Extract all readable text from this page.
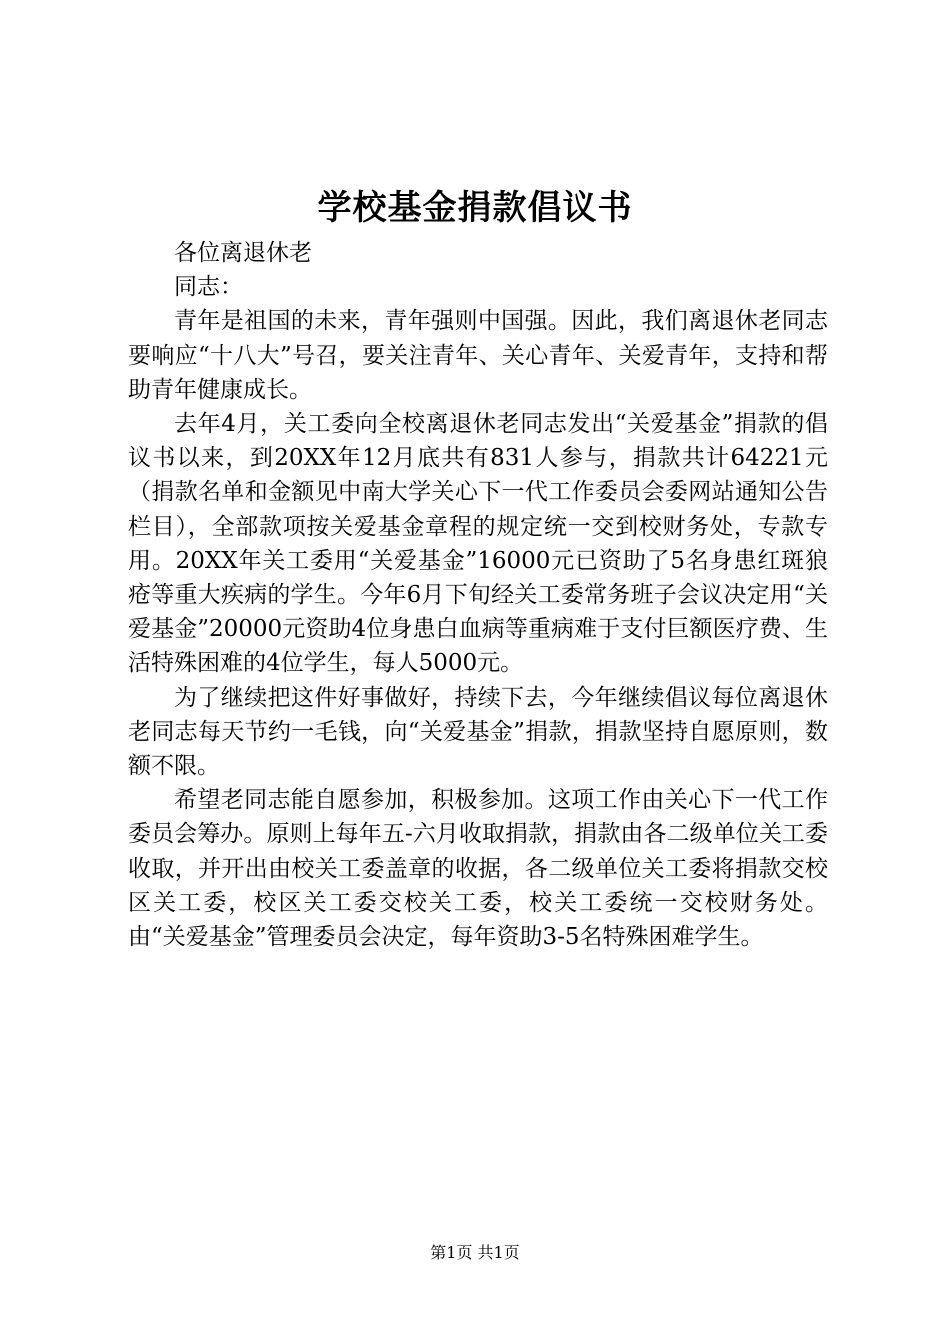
学校基金捐款倡议书

各位离退休老

同志：

青年是祖国的未来，青年强则中国强。因此，我们离退休老同志要响应“十八大”号召，要关注青年、关心青年、关爱青年，支持和帮助青年健康成长。

去年4月，关工委向全校离退休老同志发出“关爱基金”捐款的倡议书以来，到20XX年12月底共有831人参与，捐款共计64221元（捐款名单和金额见中南大学关心下一代工作委员会委网站通知公告栏目），全部款项按关爱基金章程的规定统一交到校财务处，专款专用。20XX年关工委用“关爱基金”16000元已资助了5名身患红斑狼疮等重大疾病的学生。今年6月下旬经关工委常务班子会议决定用“关爱基金”20000元资助4位身患白血病等重病难于支付巨额医疗费、生活特殊困难的4位学生，每人5000元。

为了继续把这件好事做好，持续下去，今年继续倡议每位离退休老同志每天节约一毛钱，向“关爱基金”捐款，捐款坚持自愿原则，数额不限。

希望老同志能自愿参加，积极参加。这项工作由关心下一代工作委员会筹办。原则上每年五-六月收取捐款，捐款由各二级单位关工委收取，并开出由校关工委盖章的收据，各二级单位关工委将捐款交校区关工委，校区关工委交校关工委，校关工委统一交校财务处。由“关爱基金”管理委员会决定，每年资助3-5名特殊困难学生。

第1页 共1页
